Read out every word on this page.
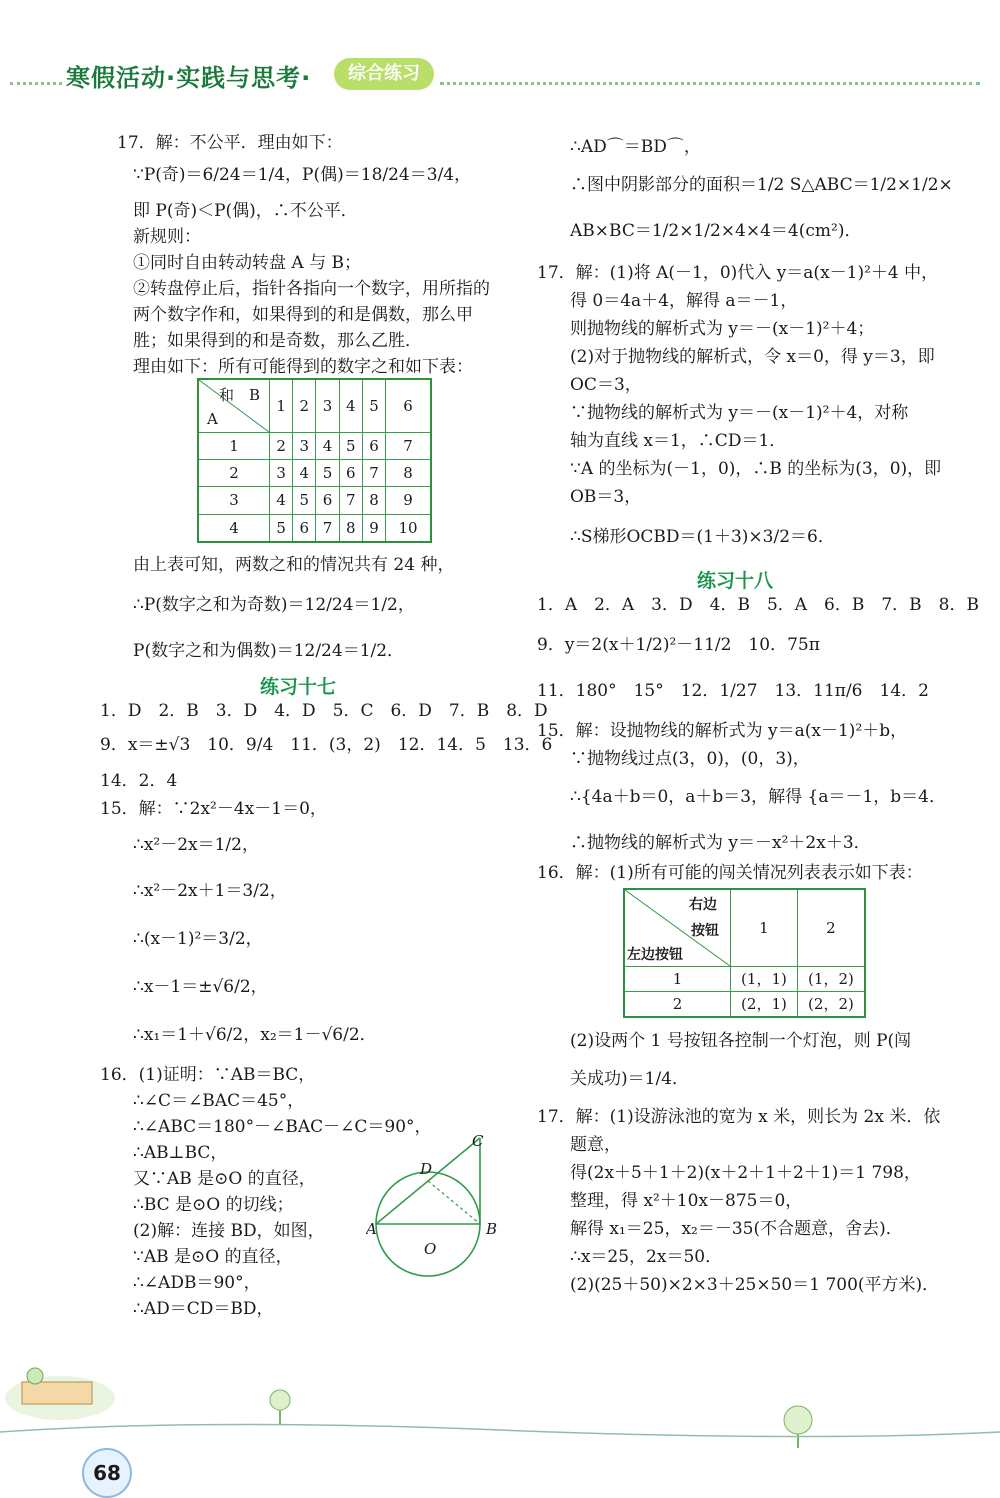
寒假活动·实践与思考·	综合练习
17．解：不公平．理由如下：
∵P(奇)＝6/24＝1/4，P(偶)＝18/24＝3/4，
即 P(奇)＜P(偶)，∴不公平．
新规则：
①同时自由转动转盘 A 与 B；
②转盘停止后，指针各指向一个数字，用所指的
两个数字作和，如果得到的和是偶数，那么甲
胜；如果得到的和是奇数，那么乙胜．
理由如下：所有可能得到的数字之和如下表：
和　B
A	1	2	3	4	5	6
1	2	3	4	5	6	7
2	3	4	5	6	7	8
3	4	5	6	7	8	9
4	5	6	7	8	9	10
由上表可知，两数之和的情况共有 24 种，
∴P(数字之和为奇数)＝12/24＝1/2，
P(数字之和为偶数)＝12/24＝1/2．
练习十七
1．D　2．B　3．D　4．D　5．C　6．D　7．B　8．D
9．x＝±√3　10．9/4　11．(3，2)　12．14．5　13．6
14．2．4
15．解：∵2x²－4x－1＝0，
∴x²－2x＝1/2，
∴x²－2x＋1＝3/2，
∴(x－1)²＝3/2，
∴x－1＝±√6/2，
∴x₁＝1＋√6/2，x₂＝1－√6/2．
16．(1)证明：∵AB＝BC，
∴∠C＝∠BAC＝45°，
∴∠ABC＝180°－∠BAC－∠C＝90°，
∴AB⊥BC，
又∵AB 是⊙O 的直径，
∴BC 是⊙O 的切线；
(2)解：连接 BD，如图，
∵AB 是⊙O 的直径，
∴∠ADB＝90°，
∴AD＝CD＝BD，
A	B
C
D
O
∴AD⌒＝BD⌒，
∴图中阴影部分的面积＝1/2 S△ABC＝1/2×1/2×
AB×BC＝1/2×1/2×4×4＝4(cm²)．
17．解：(1)将 A(－1，0)代入 y＝a(x－1)²＋4 中，
得 0＝4a＋4，解得 a＝－1，
则抛物线的解析式为 y＝－(x－1)²＋4；
(2)对于抛物线的解析式，令 x＝0，得 y＝3，即
OC＝3，
∵抛物线的解析式为 y＝－(x－1)²＋4，对称
轴为直线 x＝1，∴CD＝1．
∵A 的坐标为(－1，0)，∴B 的坐标为(3，0)，即
OB＝3，
∴S梯形OCBD＝(1＋3)×3/2＝6．
练习十八
1．A　2．A　3．D　4．B　5．A　6．B　7．B　8．B
9．y＝2(x＋1/2)²－11/2　10．75π
11．180°　15°　12．1/27　13．11π/6　14．2
15．解：设抛物线的解析式为 y＝a(x－1)²＋b，
∵抛物线过点(3，0)，(0，3)，
∴{4a＋b＝0，a＋b＝3，解得 {a＝－1，b＝4．
∴抛物线的解析式为 y＝－x²＋2x＋3．
16．解：(1)所有可能的闯关情况列表表示如下表：
右边
按钮
左边按钮	1	2
1	(1，1)	(1，2)
2	(2，1)	(2，2)
(2)设两个 1 号按钮各控制一个灯泡，则 P(闯
关成功)＝1/4．
17．解：(1)设游泳池的宽为 x 米，则长为 2x 米．依
题意，
得(2x＋5＋1＋2)(x＋2＋1＋2＋1)＝1 798，
整理，得 x²＋10x－875＝0，
解得 x₁＝25，x₂＝－35(不合题意，舍去)．
∴x＝25，2x＝50．
(2)(25＋50)×2×3＋25×50＝1 700(平方米)．
68
